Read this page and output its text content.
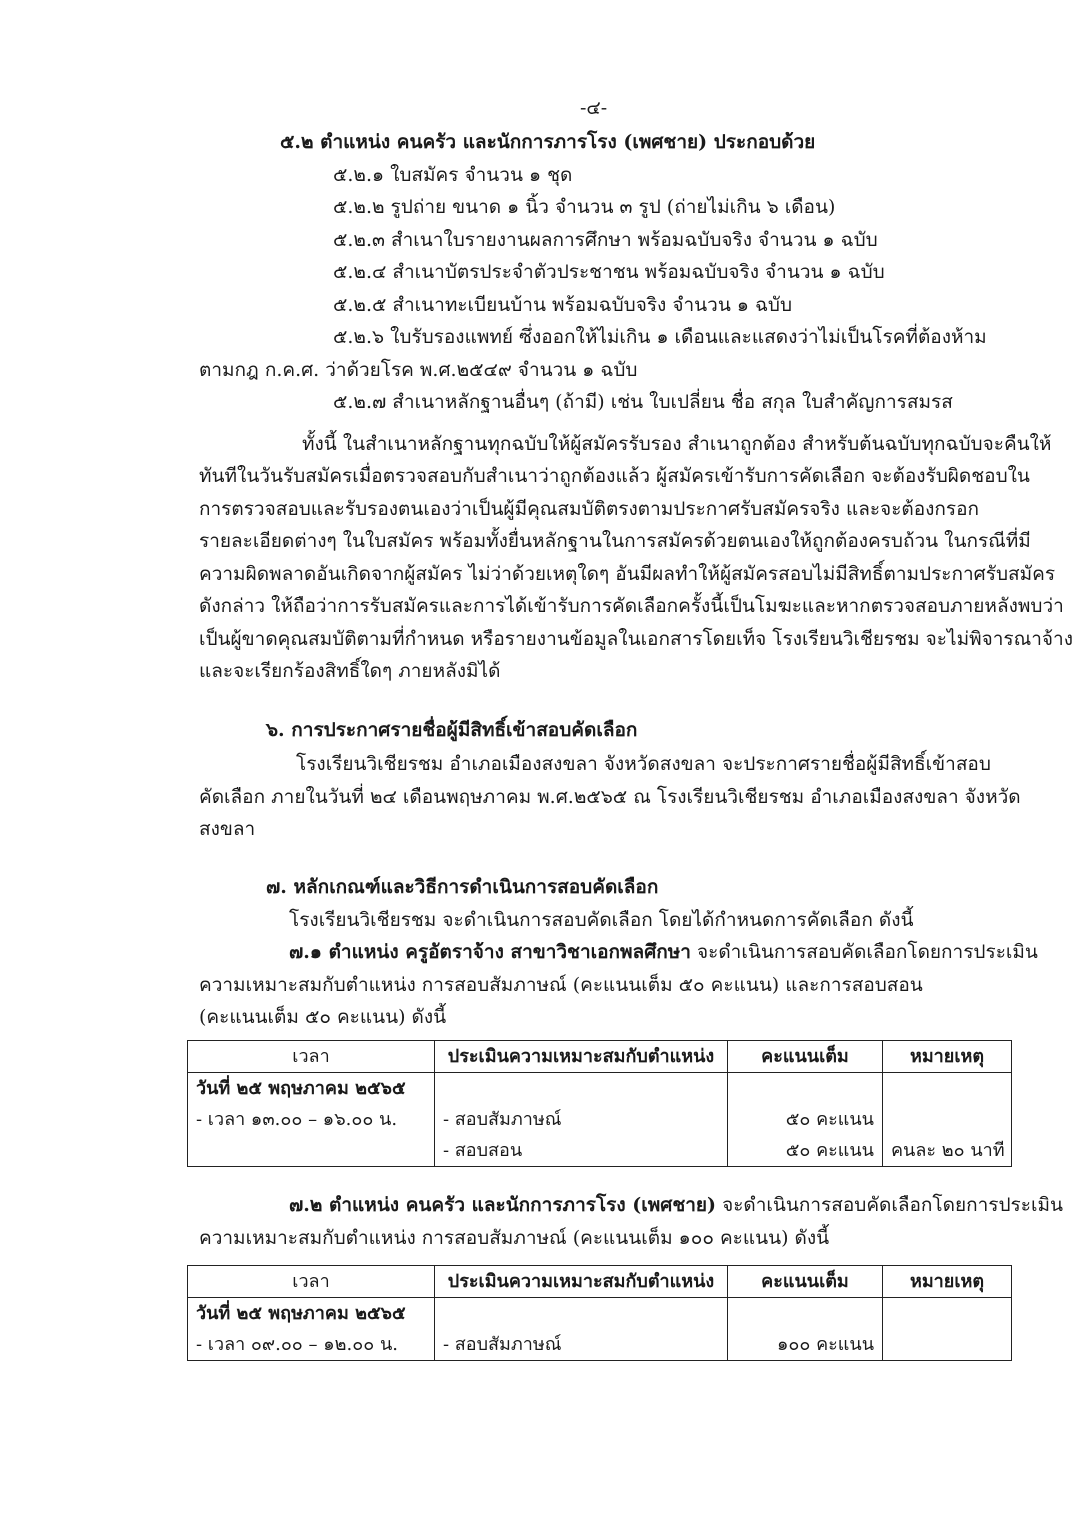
-๔-
๕.๒ ตำแหน่ง คนครัว และนักการภารโรง (เพศชาย) ประกอบด้วย
๕.๒.๑ ใบสมัคร จำนวน ๑ ชุด
๕.๒.๒ รูปถ่าย ขนาด ๑ นิ้ว จำนวน ๓ รูป (ถ่ายไม่เกิน ๖ เดือน)
๕.๒.๓ สำเนาใบรายงานผลการศึกษา พร้อมฉบับจริง จำนวน ๑ ฉบับ
๕.๒.๔ สำเนาบัตรประจำตัวประชาชน พร้อมฉบับจริง จำนวน ๑ ฉบับ
๕.๒.๕ สำเนาทะเบียนบ้าน พร้อมฉบับจริง จำนวน ๑ ฉบับ
๕.๒.๖ ใบรับรองแพทย์ ซึ่งออกให้ไม่เกิน ๑ เดือนและแสดงว่าไม่เป็นโรคที่ต้องห้าม
ตามกฎ ก.ค.ศ. ว่าด้วยโรค พ.ศ.๒๕๔๙ จำนวน ๑ ฉบับ
๕.๒.๗ สำเนาหลักฐานอื่นๆ (ถ้ามี) เช่น ใบเปลี่ยน ชื่อ สกุล ใบสำคัญการสมรส
ทั้งนี้ ในสำเนาหลักฐานทุกฉบับให้ผู้สมัครรับรอง สำเนาถูกต้อง สำหรับต้นฉบับทุกฉบับจะคืนให้
ทันทีในวันรับสมัครเมื่อตรวจสอบกับสำเนาว่าถูกต้องแล้ว ผู้สมัครเข้ารับการคัดเลือก จะต้องรับผิดชอบใน
การตรวจสอบและรับรองตนเองว่าเป็นผู้มีคุณสมบัติตรงตามประกาศรับสมัครจริง และจะต้องกรอก
รายละเอียดต่างๆ ในใบสมัคร พร้อมทั้งยื่นหลักฐานในการสมัครด้วยตนเองให้ถูกต้องครบถ้วน ในกรณีที่มี
ความผิดพลาดอันเกิดจากผู้สมัคร ไม่ว่าด้วยเหตุใดๆ อันมีผลทำให้ผู้สมัครสอบไม่มีสิทธิ์ตามประกาศรับสมัคร
ดังกล่าว ให้ถือว่าการรับสมัครและการได้เข้ารับการคัดเลือกครั้งนี้เป็นโมฆะและหากตรวจสอบภายหลังพบว่า
เป็นผู้ขาดคุณสมบัติตามที่กำหนด หรือรายงานข้อมูลในเอกสารโดยเท็จ โรงเรียนวิเชียรชม จะไม่พิจารณาจ้าง
และจะเรียกร้องสิทธิ์ใดๆ ภายหลังมิได้
๖. การประกาศรายชื่อผู้มีสิทธิ์เข้าสอบคัดเลือก
โรงเรียนวิเชียรชม อำเภอเมืองสงขลา จังหวัดสงขลา จะประกาศรายชื่อผู้มีสิทธิ์เข้าสอบ
คัดเลือก ภายในวันที่ ๒๔ เดือนพฤษภาคม พ.ศ.๒๕๖๕ ณ โรงเรียนวิเชียรชม อำเภอเมืองสงขลา จังหวัด
สงขลา
๗. หลักเกณฑ์และวิธีการดำเนินการสอบคัดเลือก
โรงเรียนวิเชียรชม จะดำเนินการสอบคัดเลือก โดยได้กำหนดการคัดเลือก ดังนี้
๗.๑ ตำแหน่ง ครูอัตราจ้าง สาขาวิชาเอกพลศึกษา จะดำเนินการสอบคัดเลือกโดยการประเมิน
ความเหมาะสมกับตำแหน่ง การสอบสัมภาษณ์ (คะแนนเต็ม ๕๐ คะแนน) และการสอบสอน
(คะแนนเต็ม ๕๐ คะแนน) ดังนี้
เวลา	ประเมินความเหมาะสมกับตำแหน่ง	คะแนนเต็ม	หมายเหตุ
วันที่ ๒๕ พฤษภาคม ๒๕๖๕			
- เวลา ๑๓.๐๐ – ๑๖.๐๐ น.	- สอบสัมภาษณ์	๕๐ คะแนน	
	- สอบสอน	๕๐ คะแนน	คนละ ๒๐ นาที
๗.๒ ตำแหน่ง คนครัว และนักการภารโรง (เพศชาย) จะดำเนินการสอบคัดเลือกโดยการประเมิน
ความเหมาะสมกับตำแหน่ง การสอบสัมภาษณ์ (คะแนนเต็ม ๑๐๐ คะแนน) ดังนี้
เวลา	ประเมินความเหมาะสมกับตำแหน่ง	คะแนนเต็ม	หมายเหตุ
วันที่ ๒๕ พฤษภาคม ๒๕๖๕			
- เวลา ๐๙.๐๐ – ๑๒.๐๐ น.	- สอบสัมภาษณ์	๑๐๐ คะแนน	
